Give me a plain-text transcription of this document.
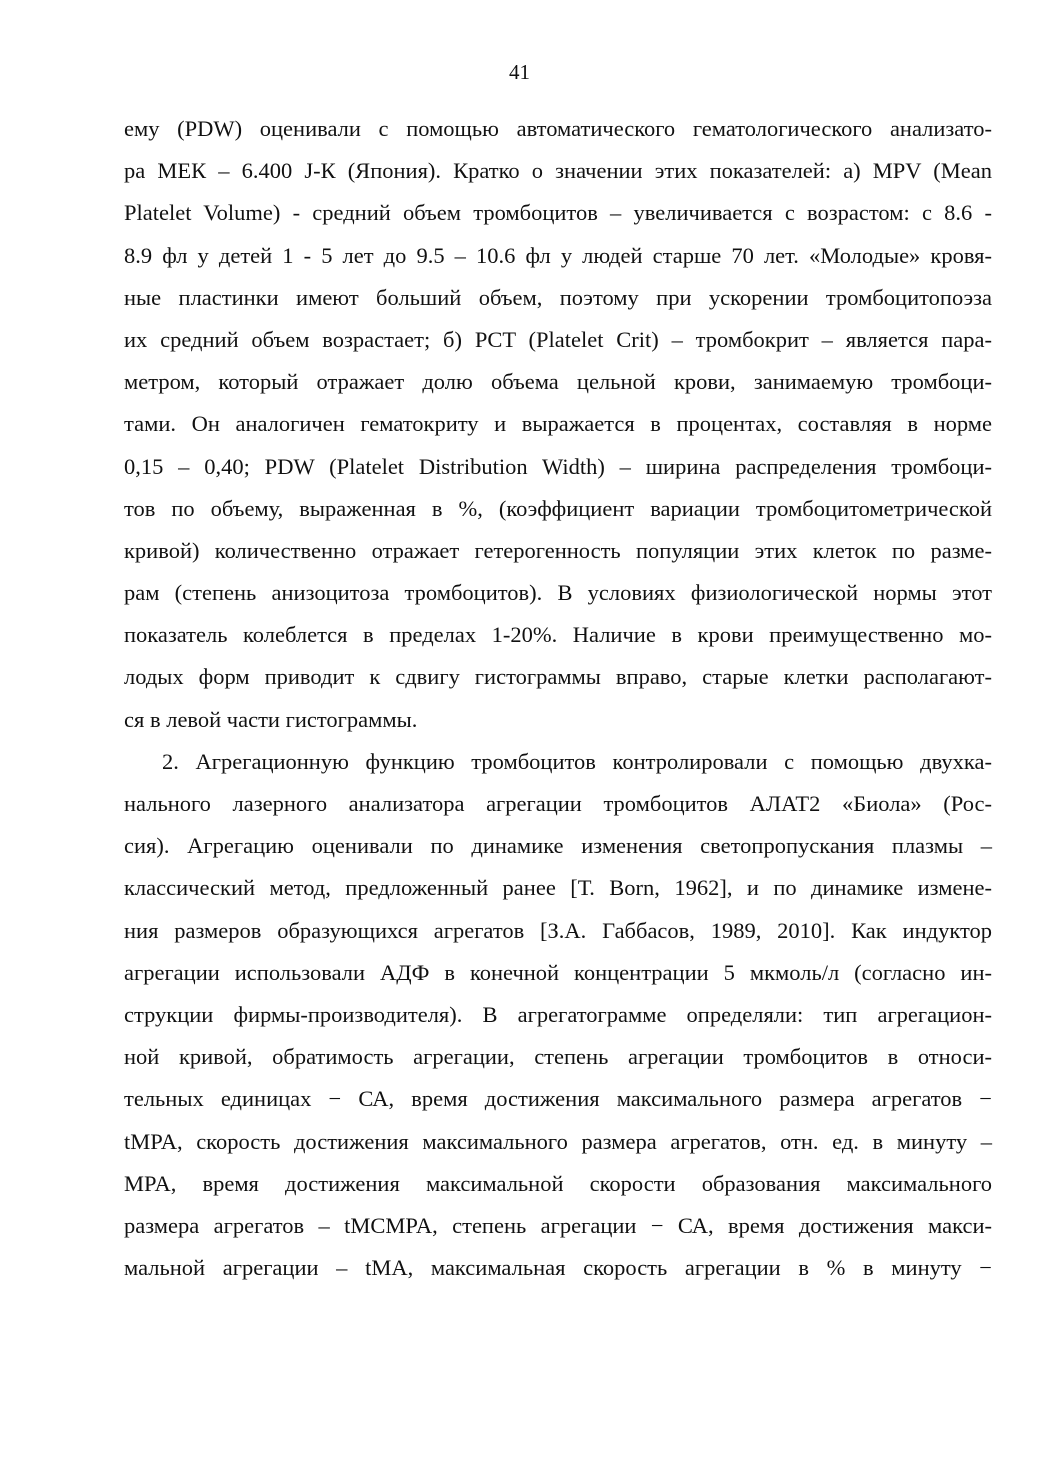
41
ему (PDW) оценивали с помощью автоматического гематологического анализато-
ра МЕК – 6.400 J-К (Япония). Кратко о значении этих показателей: а) MPV (Mean
Platelet Volume) - средний объем тромбоцитов – увеличивается с возрастом: с 8.6 -
8.9 фл у детей 1 - 5 лет до 9.5 – 10.6 фл у людей старше 70 лет. «Молодые» кровя-
ные пластинки имеют больший объем, поэтому при ускорении тромбоцитопоэза
их средний объем возрастает; б) PCT (Platelet Crit) – тромбокрит – является пара-
метром, который отражает долю объема цельной крови, занимаемую тромбоци-
тами. Он аналогичен гематокриту и выражается в процентах, составляя в норме
0,15 – 0,40; PDW (Platelet Distribution Width) – ширина распределения тромбоци-
тов по объему, выраженная в %, (коэффициент вариации тромбоцитометрической
кривой) количественно отражает гетерогенность популяции этих клеток по разме-
рам (степень анизоцитоза тромбоцитов). В условиях физиологической нормы этот
показатель колеблется в пределах 1-20%. Наличие в крови преимущественно мо-
лодых форм приводит к сдвигу гистограммы вправо, старые клетки располагают-
ся в левой части гистограммы.
2. Агрегационную функцию тромбоцитов контролировали с помощью двухка-
нального лазерного анализатора агрегации тромбоцитов АЛАТ2 «Биола» (Рос-
сия). Агрегацию оценивали по динамике изменения светопропускания плазмы –
классический метод, предложенный ранее [Т. Born, 1962], и по динамике измене-
ния размеров образующихся агрегатов [З.А. Габбасов, 1989, 2010]. Как индуктор
агрегации использовали АДФ в конечной концентрации 5 мкмоль/л (согласно ин-
струкции фирмы-производителя). В агрегатограмме определяли: тип агрегацион-
ной кривой, обратимость агрегации, степень агрегации тромбоцитов в относи-
тельных единицах − СА, время достижения максимального размера агрегатов −
tMPA, скорость достижения максимального размера агрегатов, отн. ед. в минуту –
MPA, время достижения максимальной скорости образования максимального
размера агрегатов – tMCMPA, степень агрегации − СА, время достижения макси-
мальной агрегации – tMA, максимальная скорость агрегации в % в минуту −
